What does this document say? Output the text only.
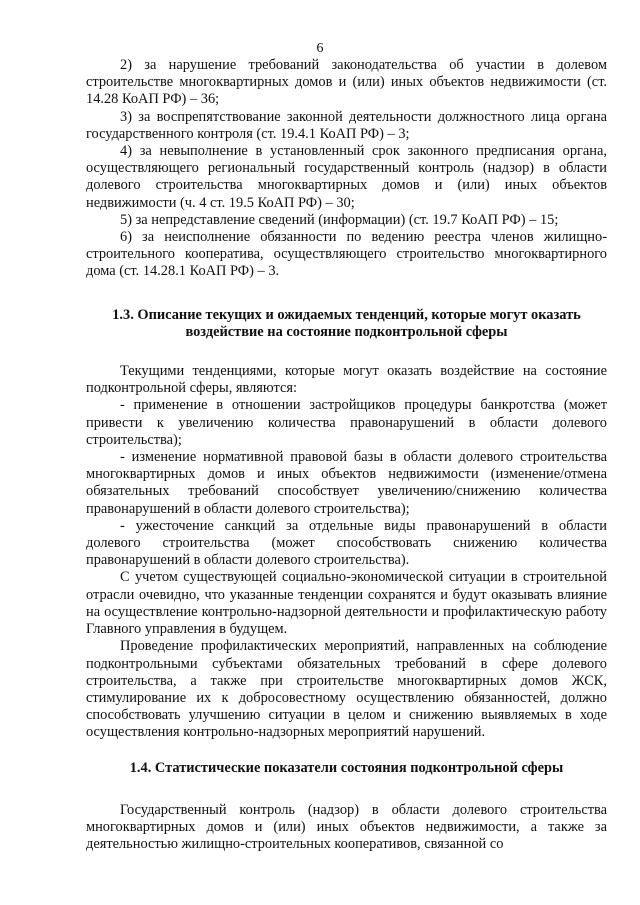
6

2) за нарушение требований законодательства об участии в долевом строительстве многоквартирных домов и (или) иных объектов недвижимости (ст. 14.28 КоАП РФ) – 36;

3) за воспрепятствование законной деятельности должностного лица органа государственного контроля (ст. 19.4.1 КоАП РФ) – 3;

4) за невыполнение в установленный срок законного предписания органа, осуществляющего региональный государственный контроль (надзор) в области долевого строительства многоквартирных домов и (или) иных объектов недвижимости (ч. 4 ст. 19.5 КоАП РФ) – 30;

5) за непредставление сведений (информации) (ст. 19.7 КоАП РФ) – 15;

6) за неисполнение обязанности по ведению реестра членов жилищно-строительного кооператива, осуществляющего строительство многоквартирного дома (ст. 14.28.1 КоАП РФ) – 3.

1.3. Описание текущих и ожидаемых тенденций, которые могут оказать воздействие на состояние подконтрольной сферы

Текущими тенденциями, которые могут оказать воздействие на состояние подконтрольной сферы, являются:

- применение в отношении застройщиков процедуры банкротства (может привести к увеличению количества правонарушений в области долевого строительства);

- изменение нормативной правовой базы в области долевого строительства многоквартирных домов и иных объектов недвижимости (изменение/отмена обязательных требований способствует увеличению/снижению количества правонарушений в области долевого строительства);

- ужесточение санкций за отдельные виды правонарушений в области долевого строительства (может способствовать снижению количества правонарушений в области долевого строительства).

С учетом существующей социально-экономической ситуации в строительной отрасли очевидно, что указанные тенденции сохранятся и будут оказывать влияние на осуществление контрольно-надзорной деятельности и профилактическую работу Главного управления в будущем.

Проведение профилактических мероприятий, направленных на соблюдение подконтрольными субъектами обязательных требований в сфере долевого строительства, а также при строительстве многоквартирных домов ЖСК, стимулирование их к добросовестному осуществлению обязанностей, должно способствовать улучшению ситуации в целом и снижению выявляемых в ходе осуществления контрольно-надзорных мероприятий нарушений.

1.4. Статистические показатели состояния подконтрольной сферы

Государственный контроль (надзор) в области долевого строительства многоквартирных домов и (или) иных объектов недвижимости, а также за деятельностью жилищно-строительных кооперативов, связанной со
